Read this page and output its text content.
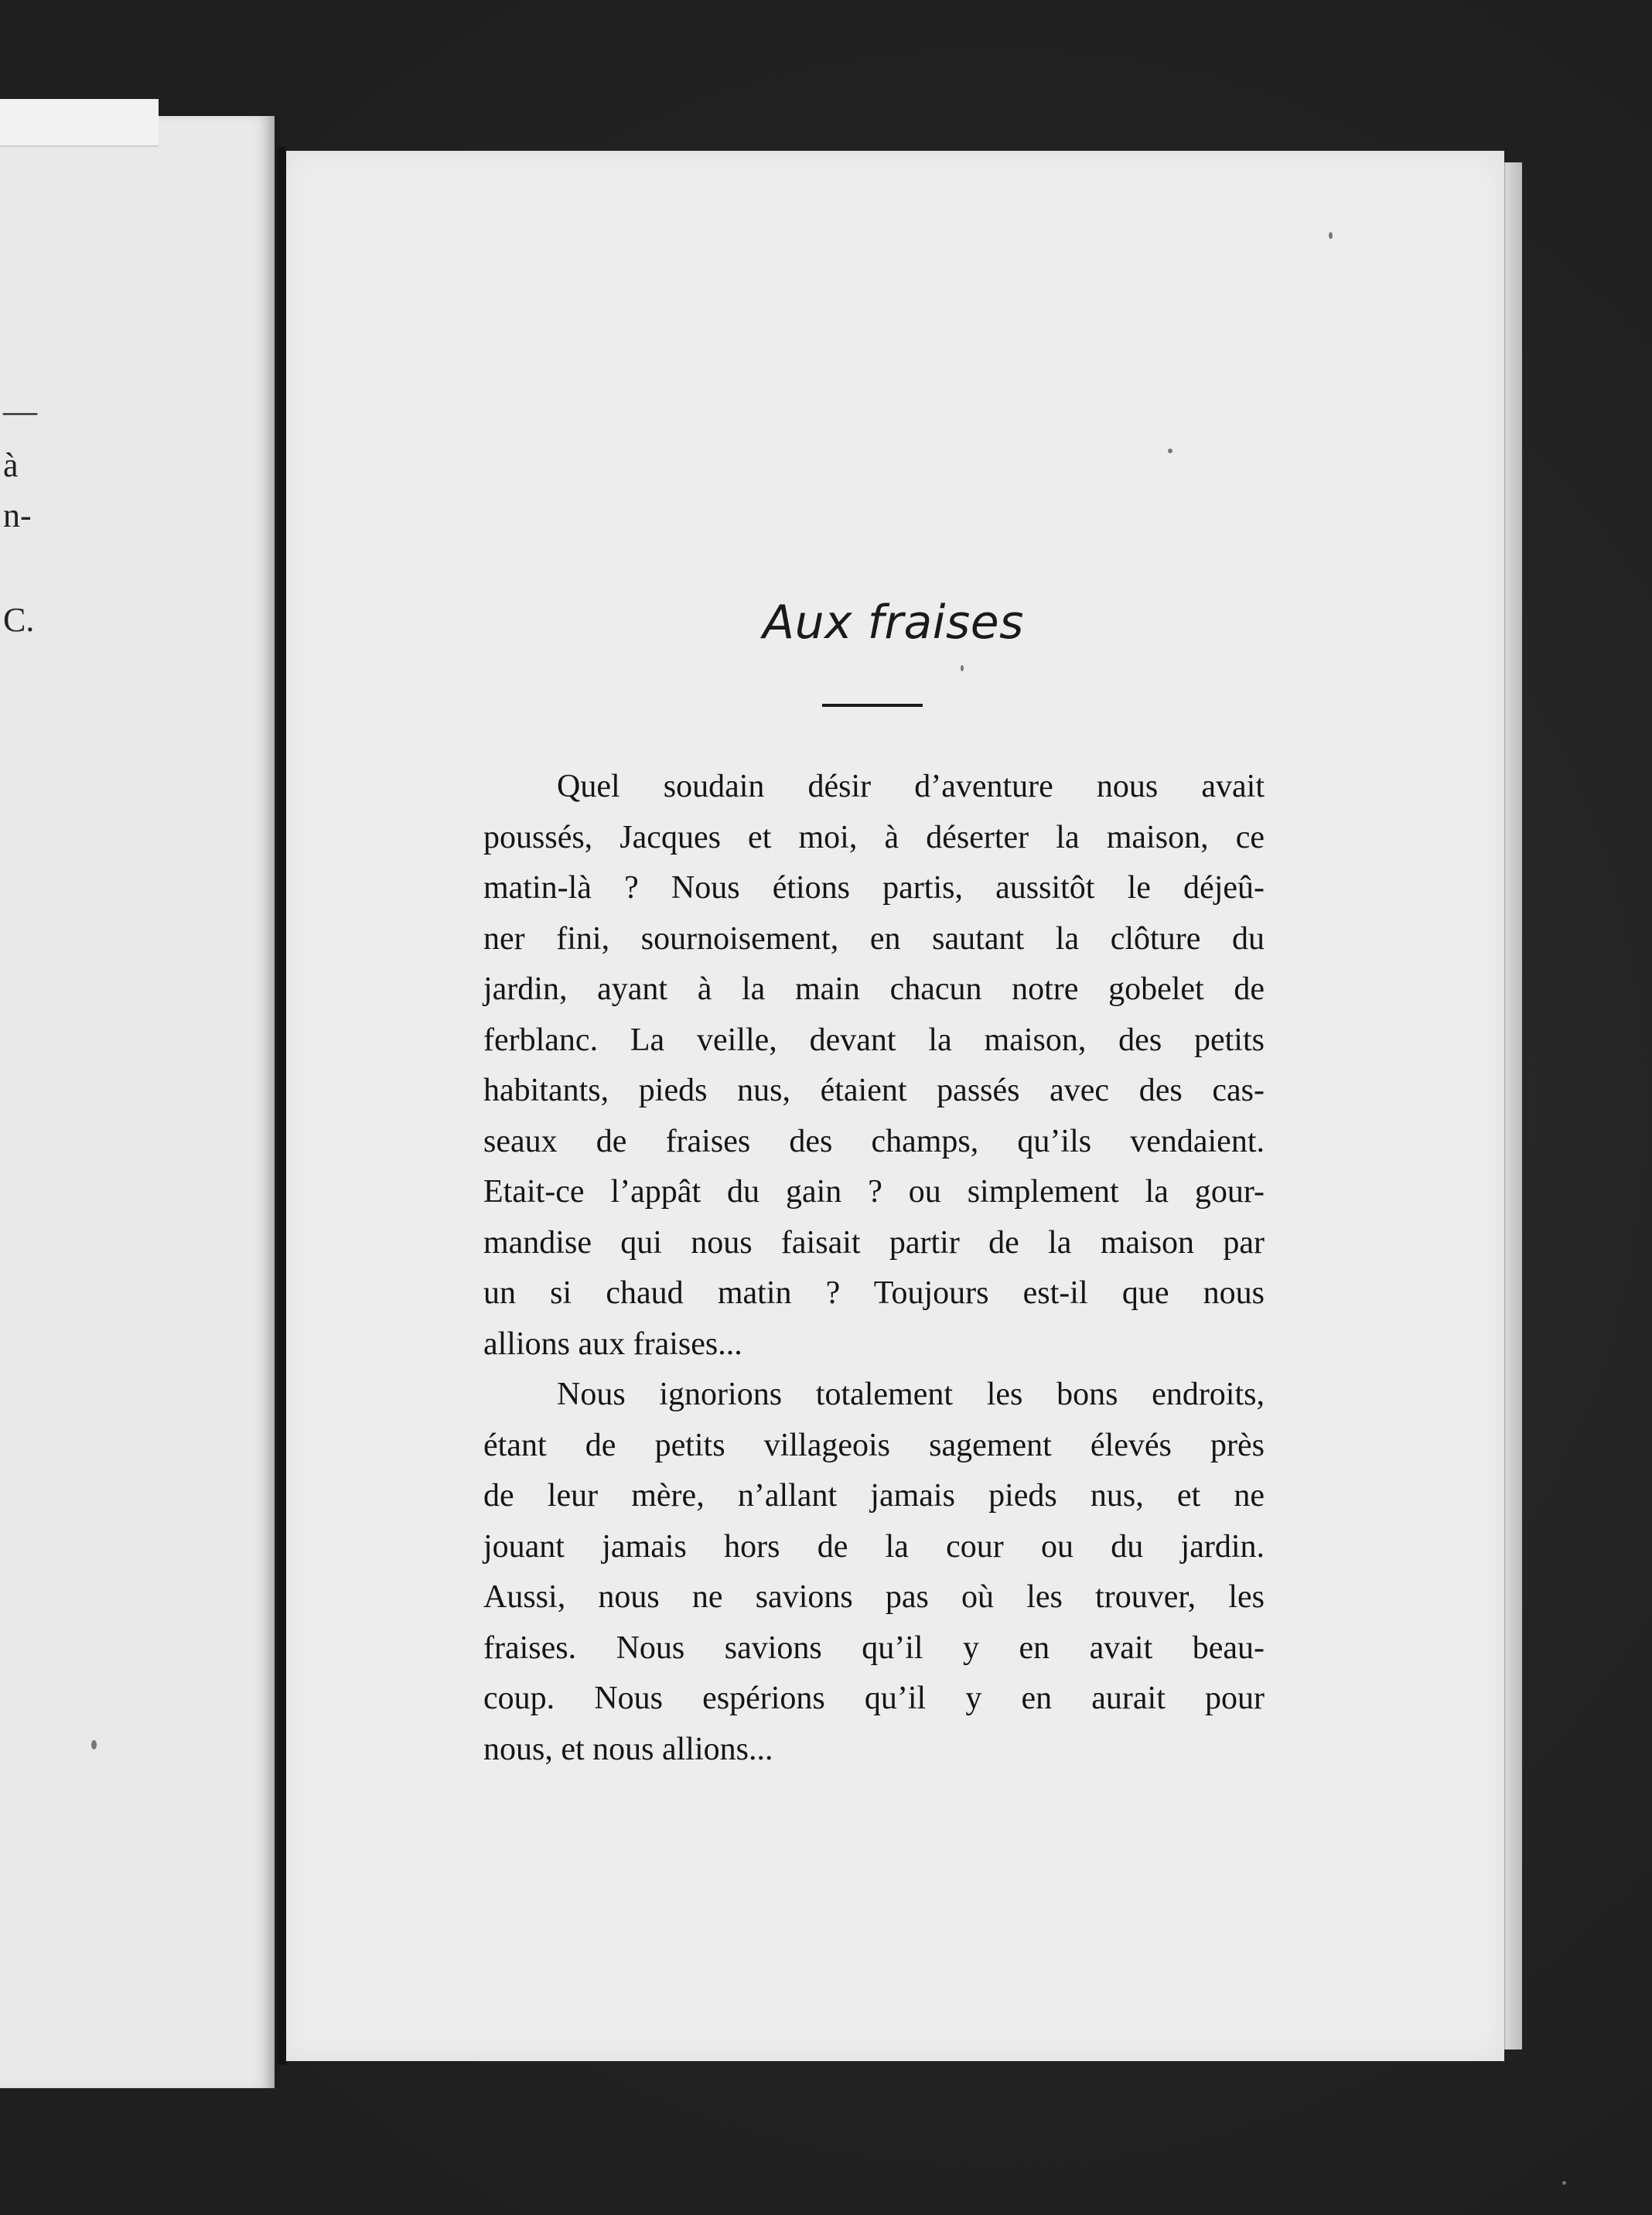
—
à
n-
C.	Aux fraises
Quel soudain désir d’aventure nous avait
poussés, Jacques et moi, à déserter la maison, ce
matin-là ? Nous étions partis, aussitôt le déjeû-
ner fini, sournoisement, en sautant la clôture du
jardin, ayant à la main chacun notre gobelet de
ferblanc. La veille, devant la maison, des petits
habitants, pieds nus, étaient passés avec des cas-
seaux de fraises des champs, qu’ils vendaient.
Etait-ce l’appât du gain ? ou simplement la gour-
mandise qui nous faisait partir de la maison par
un si chaud matin ? Toujours est-il que nous
allions aux fraises...
Nous ignorions totalement les bons endroits,
étant de petits villageois sagement élevés près
de leur mère, n’allant jamais pieds nus, et ne
jouant jamais hors de la cour ou du jardin.
Aussi, nous ne savions pas où les trouver, les
fraises. Nous savions qu’il y en avait beau-
coup. Nous espérions qu’il y en aurait pour
nous, et nous allions...
